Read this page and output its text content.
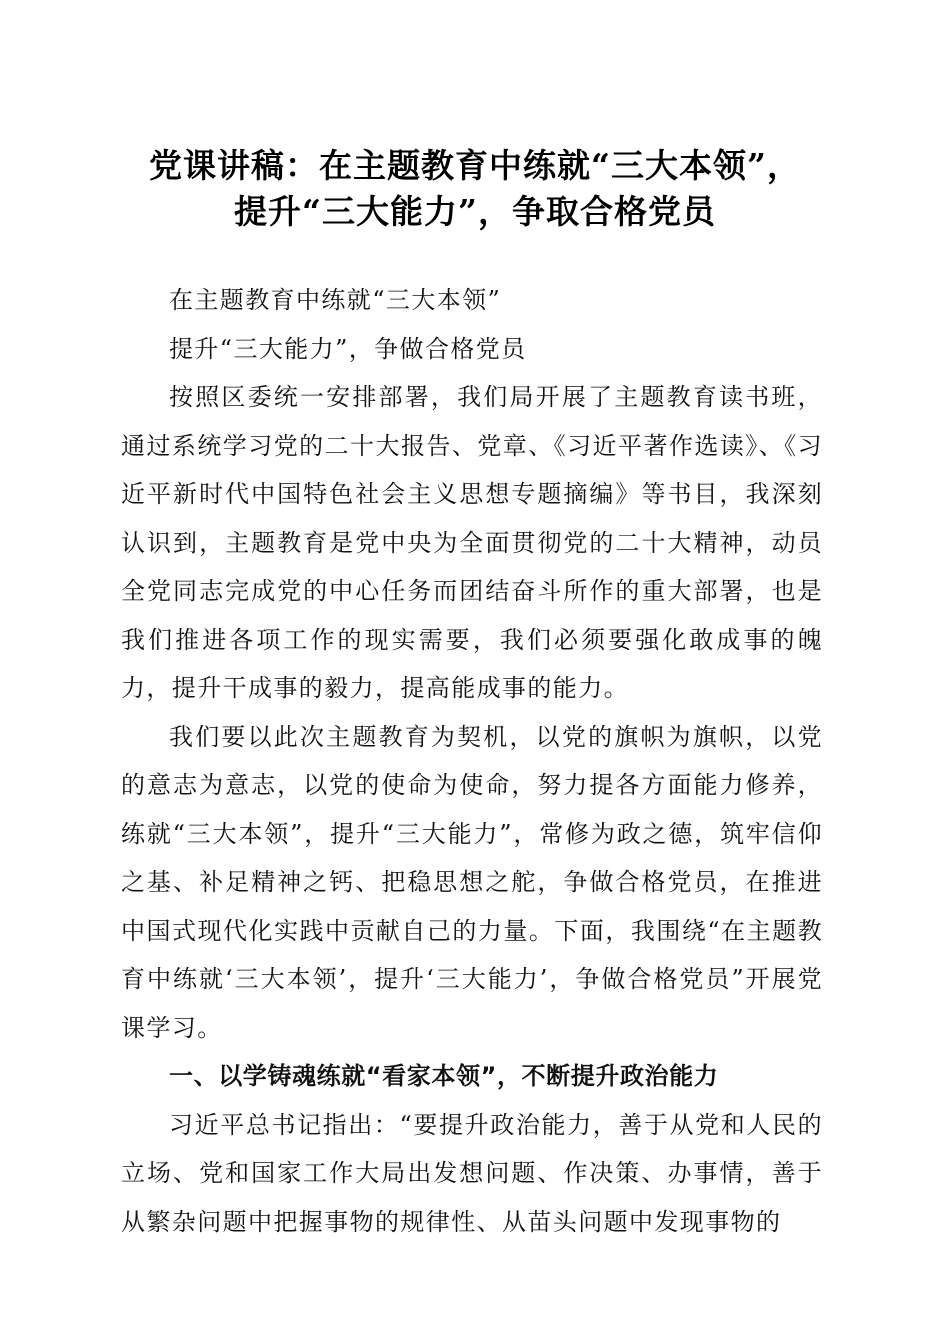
党课讲稿：在主题教育中练就“三大本领”，
提升“三大能力”，争取合格党员

在主题教育中练就“三大本领”

提升“三大能力”，争做合格党员

按照区委统一安排部署，我们局开展了主题教育读书班，通过系统学习党的二十大报告、党章、《习近平著作选读》、《习近平新时代中国特色社会主义思想专题摘编》等书目，我深刻认识到，主题教育是党中央为全面贯彻党的二十大精神，动员全党同志完成党的中心任务而团结奋斗所作的重大部署，也是我们推进各项工作的现实需要，我们必须要强化敢成事的魄力，提升干成事的毅力，提高能成事的能力。

我们要以此次主题教育为契机，以党的旗帜为旗帜，以党的意志为意志，以党的使命为使命，努力提各方面能力修养，练就“三大本领”，提升“三大能力”，常修为政之德，筑牢信仰之基、补足精神之钙、把稳思想之舵，争做合格党员，在推进中国式现代化实践中贡献自己的力量。下面，我围绕“在主题教育中练就‘三大本领’，提升‘三大能力’，争做合格党员”开展党课学习。

一、以学铸魂练就“看家本领”，不断提升政治能力

习近平总书记指出：“要提升政治能力，善于从党和人民的立场、党和国家工作大局出发想问题、作决策、办事情，善于从繁杂问题中把握事物的规律性、从苗头问题中发现事物的
